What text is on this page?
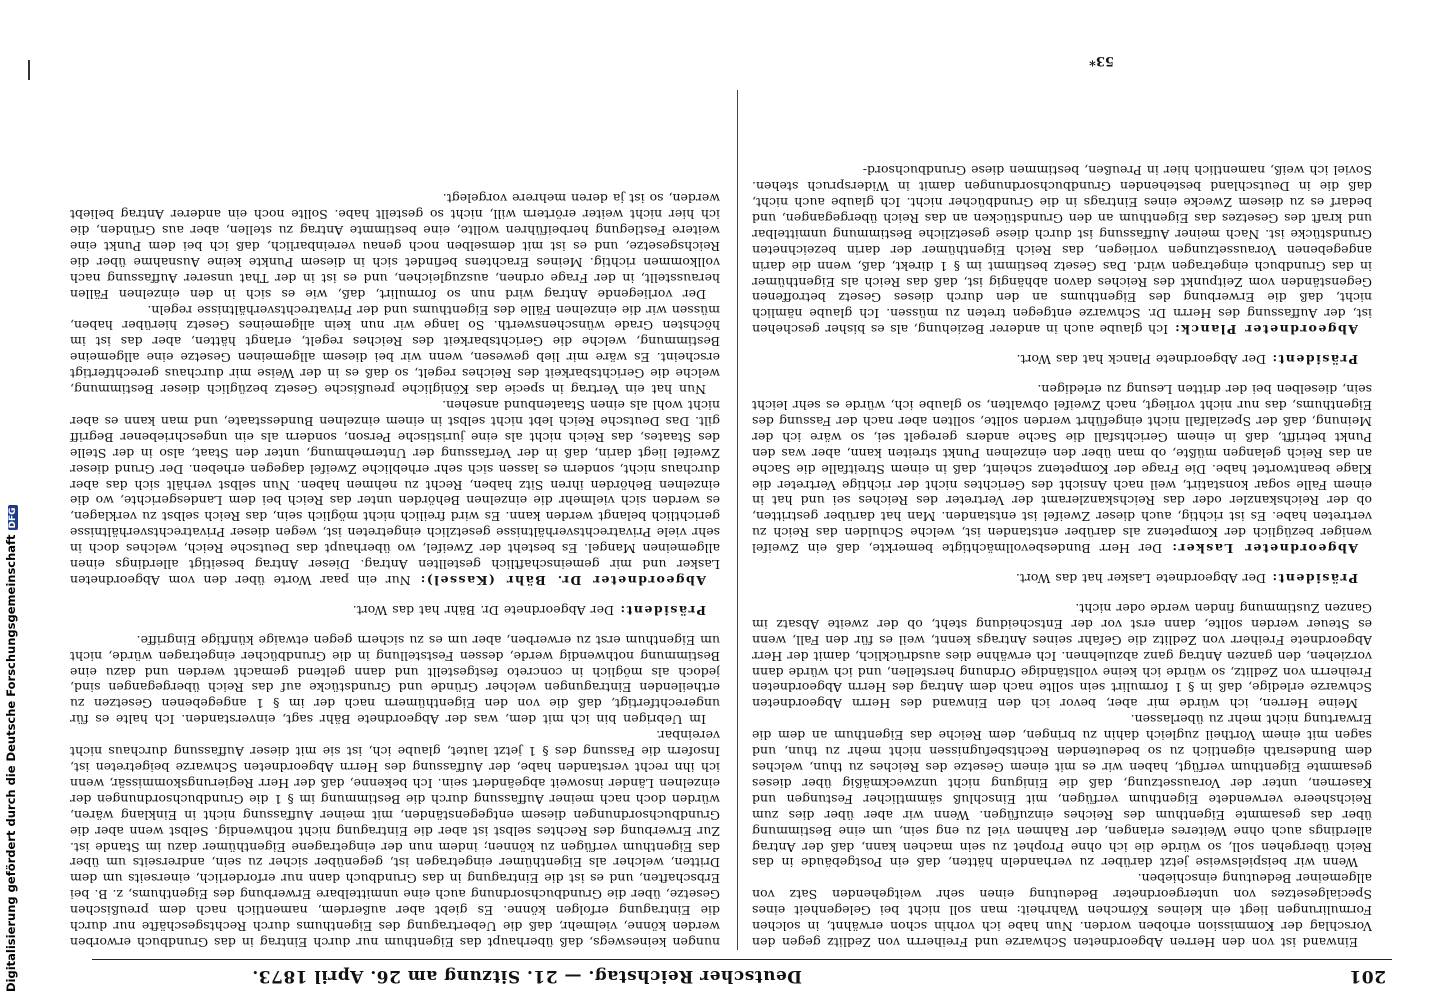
201
Deutscher Reichstag. — 21. Sitzung am 26. April 1873.

Einwand ist von den Herren Abgeordneten Schwarze und Freiherrn von Zedlitz gegen den Vorschlag der Kommission erhoben worden. Nun habe ich vorhin schon erwähnt, in solchen Formulirungen liegt ein kleines Körnchen Wahrheit: man soll nicht bei Gelegenheit eines Specialgesetzes von untergeordneter Bedeutung einen sehr weitgehenden Satz von allgemeiner Bedeutung einschieben.

Wenn wir beispielsweise jetzt darüber zu verhandeln hätten, daß ein Postgebäude in das Reich übergehen soll, so würde die ich ohne Prophet zu sein machen kann, daß der Antrag allerdings auch ohne Weiteres erlangen, der Rahmen viel zu eng sein, um eine Bestimmung über das gesammte Eigenthum des Reiches einzufügen. Wenn wir aber über dies zum Reichsheere verwendete Eigenthum verfügen, mit Einschluß sämmtlicher Festungen und Kasernen, unter der Voraussetzung, daß die Einigung nicht unzweckmäßig über dieses gesammte Eigenthum verfügt, haben wir es mit einem Gesetze des Reiches zu thun, welches dem Bundesrath eigentlich zu so bedeutenden Rechtsbefugnissen nicht mehr zu thun, und sagen mit einem Vortheil zugleich dahin zu bringen, dem Reiche das Eigenthum an dem die Erwartung nicht mehr zu überlassen.

Meine Herren, ich würde mir aber, bevor ich den Einwand des Herrn Abgeordneten Schwarze erledige, daß in § 1 formulirt sein sollte nach dem Antrag des Herrn Abgeordneten Freiherrn von Zedlitz, so würde ich keine vollständige Ordnung herstellen, und ich würde dann vorziehen, den ganzen Antrag ganz abzulehnen. Ich erwähne dies ausdrücklich, damit der Herr Abgeordnete Freiherr von Zedlitz die Gefahr seines Antrags kennt, weil es für den Fall, wenn es Steuer werden sollte, dann erst vor der Entscheidung steht, ob der zweite Absatz im Ganzen Zustimmung finden werde oder nicht.

Präsident: Der Abgeordnete Lasker hat das Wort.

Abgeordneter Lasker: Der Herr Bundesbevollmächtigte bemerkte, daß ein Zweifel weniger bezüglich der Kompetenz als darüber entstanden ist, welche Schulden das Reich zu vertreten habe. Es ist richtig, auch dieser Zweifel ist entstanden. Man hat darüber gestritten, ob der Reichskanzler oder das Reichskanzleramt der Vertreter des Reiches sei und hat in einem Falle sogar konstatirt, weil nach Ansicht des Gerichtes nicht der richtige Vertreter die Klage beantwortet habe. Die Frage der Kompetenz scheint, daß in einem Streitfalle die Sache an das Reich gelangen müßte, ob man über den einzelnen Punkt streiten kann, aber was den Punkt betrifft, daß in einem Gerichtsfall die Sache anders geregelt sei, so wäre ich der Meinung, daß der Spezialfall nicht eingeführt werden sollte, sollten aber nach der Fassung des Eigenthums, das nur nicht vorliegt, nach Zweifel obwalten, so glaube ich, würde es sehr leicht sein, dieselben bei der dritten Lesung zu erledigen.

Präsident: Der Abgeordnete Planck hat das Wort.

Abgeordneter Planck: Ich glaube auch in anderer Beziehung, als es bisher geschehen ist, der Auffassung des Herrn Dr. Schwarze entgegen treten zu müssen. Ich glaube nämlich nicht, daß die Erwerbung des Eigenthums an den durch dieses Gesetz betroffenen Gegenständen vom Zeitpunkt des Reiches davon abhängig ist, daß das Reich als Eigenthümer in das Grundbuch eingetragen wird. Das Gesetz bestimmt im § 1 direkt, daß, wenn die darin angegebenen Voraussetzungen vorliegen, das Reich Eigenthümer der darin bezeichneten Grundstücke ist. Nach meiner Auffassung ist durch diese gesetzliche Bestimmung unmittelbar und kraft des Gesetzes das Eigenthum an den Grundstücken an das Reich übergegangen, und bedarf es zu diesem Zwecke eines Eintrags in die Grundbücher nicht. Ich glaube auch nicht, daß die in Deutschland bestehenden Grundbuchsordnungen damit in Widerspruch stehen. Soviel ich weiß, namentlich hier in Preußen, bestimmen diese Grundbuchsord-

nungen keineswegs, daß überhaupt das Eigenthum nur durch Eintrag in das Grundbuch erworben werden könne, vielmehr, daß die Uebertragung des Eigenthums durch Rechtsgeschäfte nur durch die Eintragung erfolgen könne. Es giebt aber außerdem, namentlich nach dem preußischen Gesetze, über die Grundbuchsordnung auch eine unmittelbare Erwerbung des Eigenthums, z. B. bei Erbschaften, und es ist die Eintragung in das Grundbuch dann nur erforderlich, einerseits um dem Dritten, welcher als Eigenthümer eingetragen ist, gegenüber sicher zu sein, andrerseits um über das Eigenthum verfügen zu können; indem nun der eingetragene Eigenthümer dazu im Stande ist. Zur Erwerbung des Rechtes selbst ist aber die Eintragung nicht nothwendig. Selbst wenn aber die Grundbuchsordnungen diesem entgegenständen, mit meiner Auffassung nicht in Einklang wären, würden doch nach meiner Auffassung durch die Bestimmung im § 1 die Grundbuchsordnungen der einzelnen Länder insoweit abgeändert sein. Ich bekenne, daß der Herr Regierungskommissär, wenn ich ihn recht verstanden habe, der Auffassung des Herrn Abgeordneten Schwarze beigetreten ist, Insofern die Fassung des § 1 jetzt lautet, glaube ich, ist sie mit dieser Auffassung durchaus nicht vereinbar.

Im Uebrigen bin ich mit dem, was der Abgeordnete Bähr sagt, einverstanden. Ich halte es für ungerechtfertigt, daß die von den Eigenthümern nach der im § 1 angegebenen Gesetzen zu ertheilenden Eintragungen welcher Gründe und Grundstücke auf das Reich übergegangen sind, jedoch als möglich in concreto festgestellt und dann geltend gemacht werden und dazu eine Bestimmung nothwendig werde, dessen Feststellung in die Grundbücher eingetragen würde, nicht um Eigenthum erst zu erwerben, aber um es zu sichern gegen etwaige künftige Eingriffe.

Präsident: Der Abgeordnete Dr. Bähr hat das Wort.

Abgeordneter Dr. Bähr (Kassel): Nur ein paar Worte über den vom Abgeordneten Lasker und mir gemeinschaftlich gestellten Antrag. Dieser Antrag beseitigt allerdings einen allgemeinen Mangel. Es besteht der Zweifel, wo überhaupt das Deutsche Reich, welches doch in sehr viele Privatrechtsverhältnisse gesetzlich eingetreten ist, wegen dieser Privatrechtsverhältnisse gerichtlich belangt werden kann. Es wird freilich nicht möglich sein, das Reich selbst zu verklagen, es werden sich vielmehr die einzelnen Behörden unter das Reich bei dem Landesgerichte, wo die einzelnen Behörden ihren Sitz haben, Recht zu nehmen haben. Nun selbst verhält sich das aber durchaus nicht, sondern es lassen sich sehr erhebliche Zweifel dagegen erheben. Der Grund dieser Zweifel liegt darin, daß in der Verfassung der Unternehmung, unter den Staat, also in der Stelle des Staates, das Reich nicht als eine juristische Person, sondern als ein ungeschriebener Begriff gilt. Das Deutsche Reich lebt nicht selbst in einem einzelnen Bundesstaate, und man kann es aber nicht wohl als einen Staatenbund ansehen.

Nun hat ein Vertrag in specie das Königliche preußische Gesetz bezüglich dieser Bestimmung, welche die Gerichtsbarkeit des Reiches regelt, so daß es in der Weise mir durchaus gerechtfertigt erscheint. Es wäre mir lieb gewesen, wenn wir bei diesem allgemeinen Gesetze eine allgemeine Bestimmung, welche die Gerichtsbarkeit des Reiches regelt, erlangt hätten, aber das ist im höchsten Grade wünschenswerth. So lange wir nun kein allgemeines Gesetz hierüber haben, müssen wir die einzelnen Fälle des Eigenthums und der Privatrechtsverhältnisse regeln.

Der vorliegende Antrag wird nun so formulirt, daß, wie es sich in den einzelnen Fällen herausstellt, in der Frage ordnen, auszugleichen, und es ist in der That unserer Auffassung nach vollkommen richtig. Meines Erachtens befindet sich in diesem Punkte keine Ausnahme über die Reichsgesetze, und es ist mit demselben noch genau vereinbarlich, daß ich bei dem Punkt eine weitere Festlegung herbeiführen wollte, eine bestimmte Antrag zu stellen, aber aus Gründen, die ich hier nicht weiter erörtern will, nicht so gestellt habe. Sollte noch ein anderer Antrag beliebt werden, so ist ja deren mehrere vorgelegt.

53*
Digitalisierung gefördert durch die Deutsche ForschungsgemeinschaftDFG
